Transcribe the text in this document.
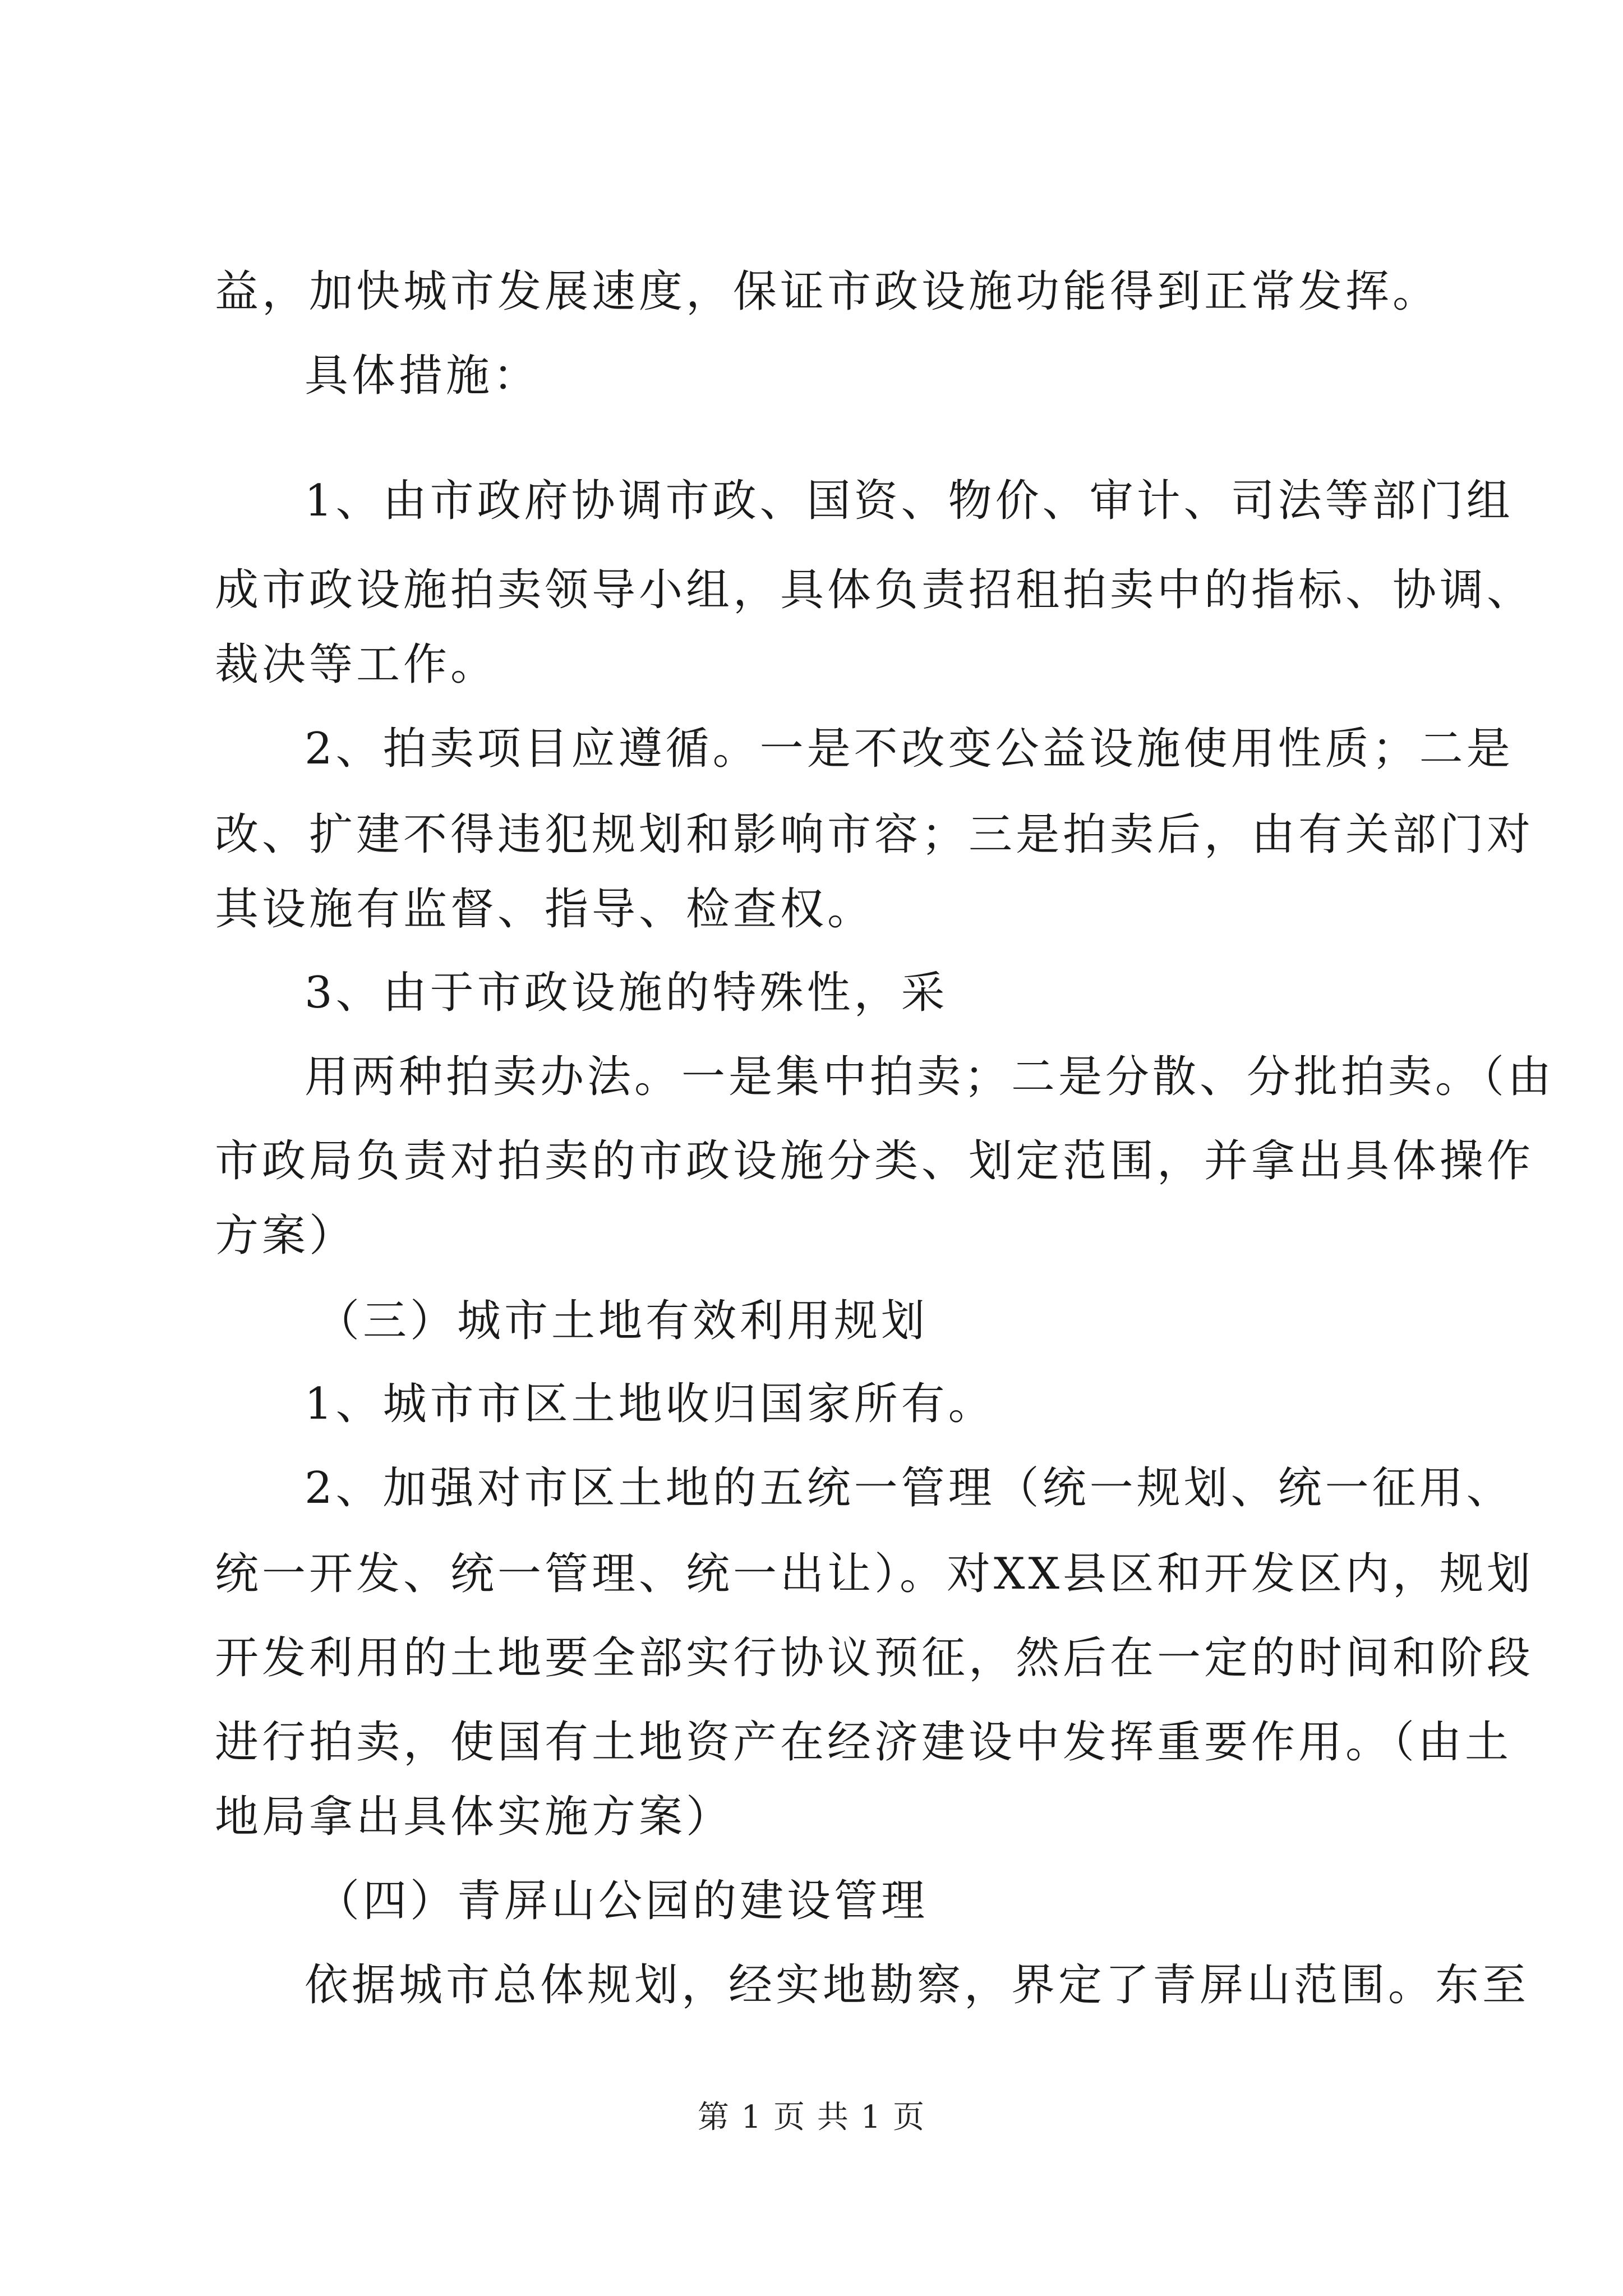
益，加快城市发展速度，保证市政设施功能得到正常发挥。
具体措施：
1、由市政府协调市政、国资、物价、审计、司法等部门组
成市政设施拍卖领导小组，具体负责招租拍卖中的指标、协调、
裁决等工作。
2、拍卖项目应遵循。一是不改变公益设施使用性质；二是
改、扩建不得违犯规划和影响市容；三是拍卖后，由有关部门对
其设施有监督、指导、检查权。
3、由于市政设施的特殊性，采
用两种拍卖办法。一是集中拍卖；二是分散、分批拍卖。（由
市政局负责对拍卖的市政设施分类、划定范围，并拿出具体操作
方案）
（三）城市土地有效利用规划
1、城市市区土地收归国家所有。
2、加强对市区土地的五统一管理（统一规划、统一征用、
统一开发、统一管理、统一出让）。对XX县区和开发区内，规划
开发利用的土地要全部实行协议预征，然后在一定的时间和阶段
进行拍卖，使国有土地资产在经济建设中发挥重要作用。（由土
地局拿出具体实施方案）
（四）青屏山公园的建设管理
依据城市总体规划，经实地勘察，界定了青屏山范围。东至
第 1 页 共 1 页
